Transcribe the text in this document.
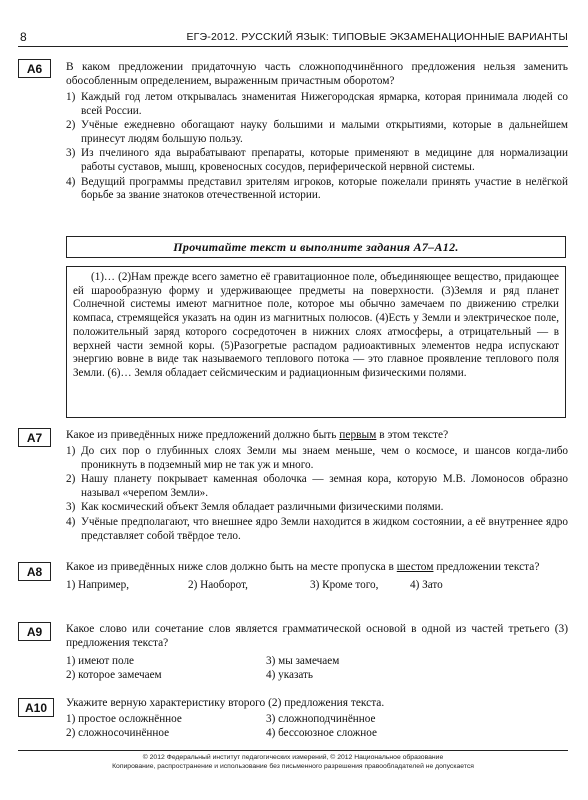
8	ЕГЭ-2012. РУССКИЙ ЯЗЫК: ТИПОВЫЕ ЭКЗАМЕНАЦИОННЫЕ ВАРИАНТЫ
А6	В каком предложении придаточную часть сложноподчинённого предложения нельзя заменить обособленным определением, выраженным причастным оборотом?
1) Каждый год летом открывалась знаменитая Нижегородская ярмарка, которая принимала людей со всей России.
2) Учёные ежедневно обогащают науку большими и малыми открытиями, которые в дальнейшем принесут людям большую пользу.
3) Из пчелиного яда вырабатывают препараты, которые применяют в медицине для нормализации работы суставов, мышц, кровеносных сосудов, периферической нервной системы.
4) Ведущий программы представил зрителям игроков, которые пожелали принять участие в нелёгкой борьбе за звание знатоков отечественной истории.
Прочитайте текст и выполните задания А7–А12.
(1)… (2)Нам прежде всего заметно её гравитационное поле, объединяющее вещество, придающее ей шарообразную форму и удерживающее предметы на поверхности. (3)Земля и ряд планет Солнечной системы имеют магнитное поле, которое мы обычно замечаем по движению стрелки компаса, стремящейся указать на один из магнитных полюсов. (4)Есть у Земли и электрическое поле, положительный заряд которого сосредоточен в нижних слоях атмосферы, а отрицательный — в верхней части земной коры. (5)Разогретые распадом радиоактивных элементов недра испускают энергию вовне в виде так называемого теплового потока — это главное проявление теплового поля Земли. (6)… Земля обладает сейсмическим и радиационным физическими полями.
А7	Какое из приведённых ниже предложений должно быть первым в этом тексте?
1) До сих пор о глубинных слоях Земли мы знаем меньше, чем о космосе, и шансов когда-либо проникнуть в подземный мир не так уж и много.
2) Нашу планету покрывает каменная оболочка — земная кора, которую М.В. Ломоносов образно называл «черепом Земли».
3) Как космический объект Земля обладает различными физическими полями.
4) Учёные предполагают, что внешнее ядро Земли находится в жидком состоянии, а её внутреннее ядро представляет собой твёрдое тело.
А8	Какое из приведённых ниже слов должно быть на месте пропуска в шестом предложении текста?
1) Например,	2) Наоборот,	3) Кроме того,	4) Зато
А9	Какое слово или сочетание слов является грамматической основой в одной из частей третьего (3) предложения текста?
1) имеют поле	3) мы замечаем
2) которое замечаем	4) указать
А10	Укажите верную характеристику второго (2) предложения текста.
1) простое осложнённое	3) сложноподчинённое
2) сложносочинённое	4) бессоюзное сложное
© 2012 Федеральный институт педагогических измерений, © 2012 Национальное образование
Копирование, распространение и использование без письменного разрешения правообладателей не допускается
